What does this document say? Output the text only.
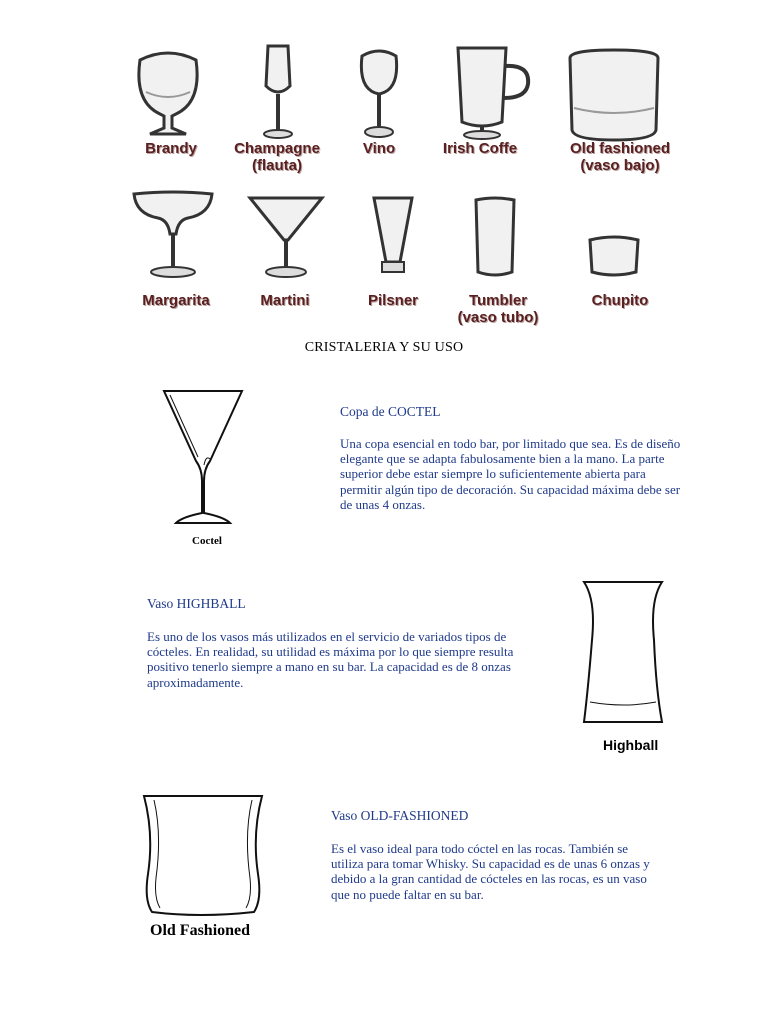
Brandy	Champagne
(flauta)
Vino	Irish Coffe	Old fashioned
(vaso bajo)
Margarita	Martini	Pilsner	Tumbler
(vaso tubo)
Chupito
CRISTALERIA Y SU USO
Coctel
Copa de COCTEL
Una copa esencial en todo bar, por limitado que sea. Es de diseño elegante que se adapta fabulosamente bien a la mano. La parte superior debe estar siempre lo suficientemente abierta para permitir algún tipo de decoración. Su capacidad máxima debe ser de unas 4 onzas.
Vaso HIGHBALL
Es uno de los vasos más utilizados en el servicio de variados tipos de cócteles. En realidad, su utilidad es máxima por lo que siempre resulta positivo tenerlo siempre a mano en su bar. La capacidad es de 8 onzas aproximadamente.
Highball
Old Fashioned
Vaso OLD-FASHIONED
Es el vaso ideal para todo cóctel en las rocas. También se utiliza para tomar Whisky. Su capacidad es de unas 6 onzas y debido a la gran cantidad de cócteles en las rocas, es un vaso que no puede faltar en su bar.
